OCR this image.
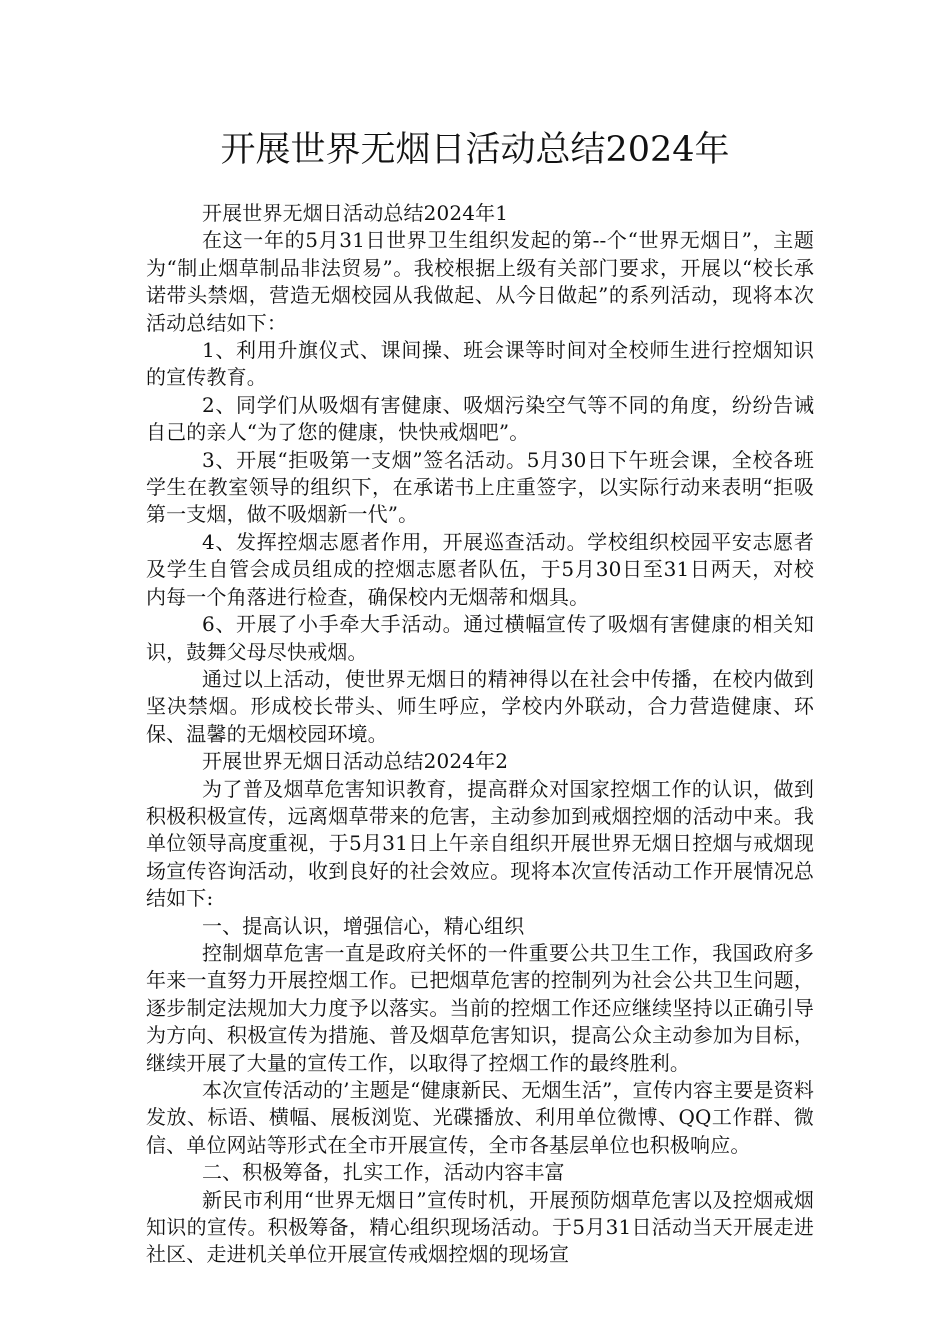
开展世界无烟日活动总结2024年

开展世界无烟日活动总结2024年1

在这一年的5月31日世界卫生组织发起的第--个“世界无烟日”，主题为“制止烟草制品非法贸易”。我校根据上级有关部门要求，开展以“校长承诺带头禁烟，营造无烟校园从我做起、从今日做起”的系列活动，现将本次活动总结如下：

1、利用升旗仪式、课间操、班会课等时间对全校师生进行控烟知识的宣传教育。

2、同学们从吸烟有害健康、吸烟污染空气等不同的角度，纷纷告诫自己的亲人“为了您的健康，快快戒烟吧”。

3、开展“拒吸第一支烟”签名活动。5月30日下午班会课，全校各班学生在教室领导的组织下，在承诺书上庄重签字，以实际行动来表明“拒吸第一支烟，做不吸烟新一代”。

4、发挥控烟志愿者作用，开展巡查活动。学校组织校园平安志愿者及学生自管会成员组成的控烟志愿者队伍，于5月30日至31日两天，对校内每一个角落进行检查，确保校内无烟蒂和烟具。

6、开展了小手牵大手活动。通过横幅宣传了吸烟有害健康的相关知识，鼓舞父母尽快戒烟。

通过以上活动，使世界无烟日的精神得以在社会中传播，在校内做到坚决禁烟。形成校长带头、师生呼应，学校内外联动，合力营造健康、环保、温馨的无烟校园环境。

开展世界无烟日活动总结2024年2

为了普及烟草危害知识教育，提高群众对国家控烟工作的认识，做到积极积极宣传，远离烟草带来的危害，主动参加到戒烟控烟的活动中来。我单位领导高度重视，于5月31日上午亲自组织开展世界无烟日控烟与戒烟现场宣传咨询活动，收到良好的社会效应。现将本次宣传活动工作开展情况总结如下:

一、提高认识，增强信心，精心组织

控制烟草危害一直是政府关怀的一件重要公共卫生工作，我国政府多年来一直努力开展控烟工作。已把烟草危害的控制列为社会公共卫生问题，逐步制定法规加大力度予以落实。当前的控烟工作还应继续坚持以正确引导为方向、积极宣传为措施、普及烟草危害知识，提高公众主动参加为目标，继续开展了大量的宣传工作，以取得了控烟工作的最终胜利。

本次宣传活动的’主题是“健康新民、无烟生活”，宣传内容主要是资料发放、标语、横幅、展板浏览、光碟播放、利用单位微博、QQ工作群、微信、单位网站等形式在全市开展宣传，全市各基层单位也积极响应。

二、积极筹备，扎实工作，活动内容丰富

新民市利用“世界无烟日”宣传时机，开展预防烟草危害以及控烟戒烟知识的宣传。积极筹备，精心组织现场活动。于5月31日活动当天开展走进社区、走进机关单位开展宣传戒烟控烟的现场宣
